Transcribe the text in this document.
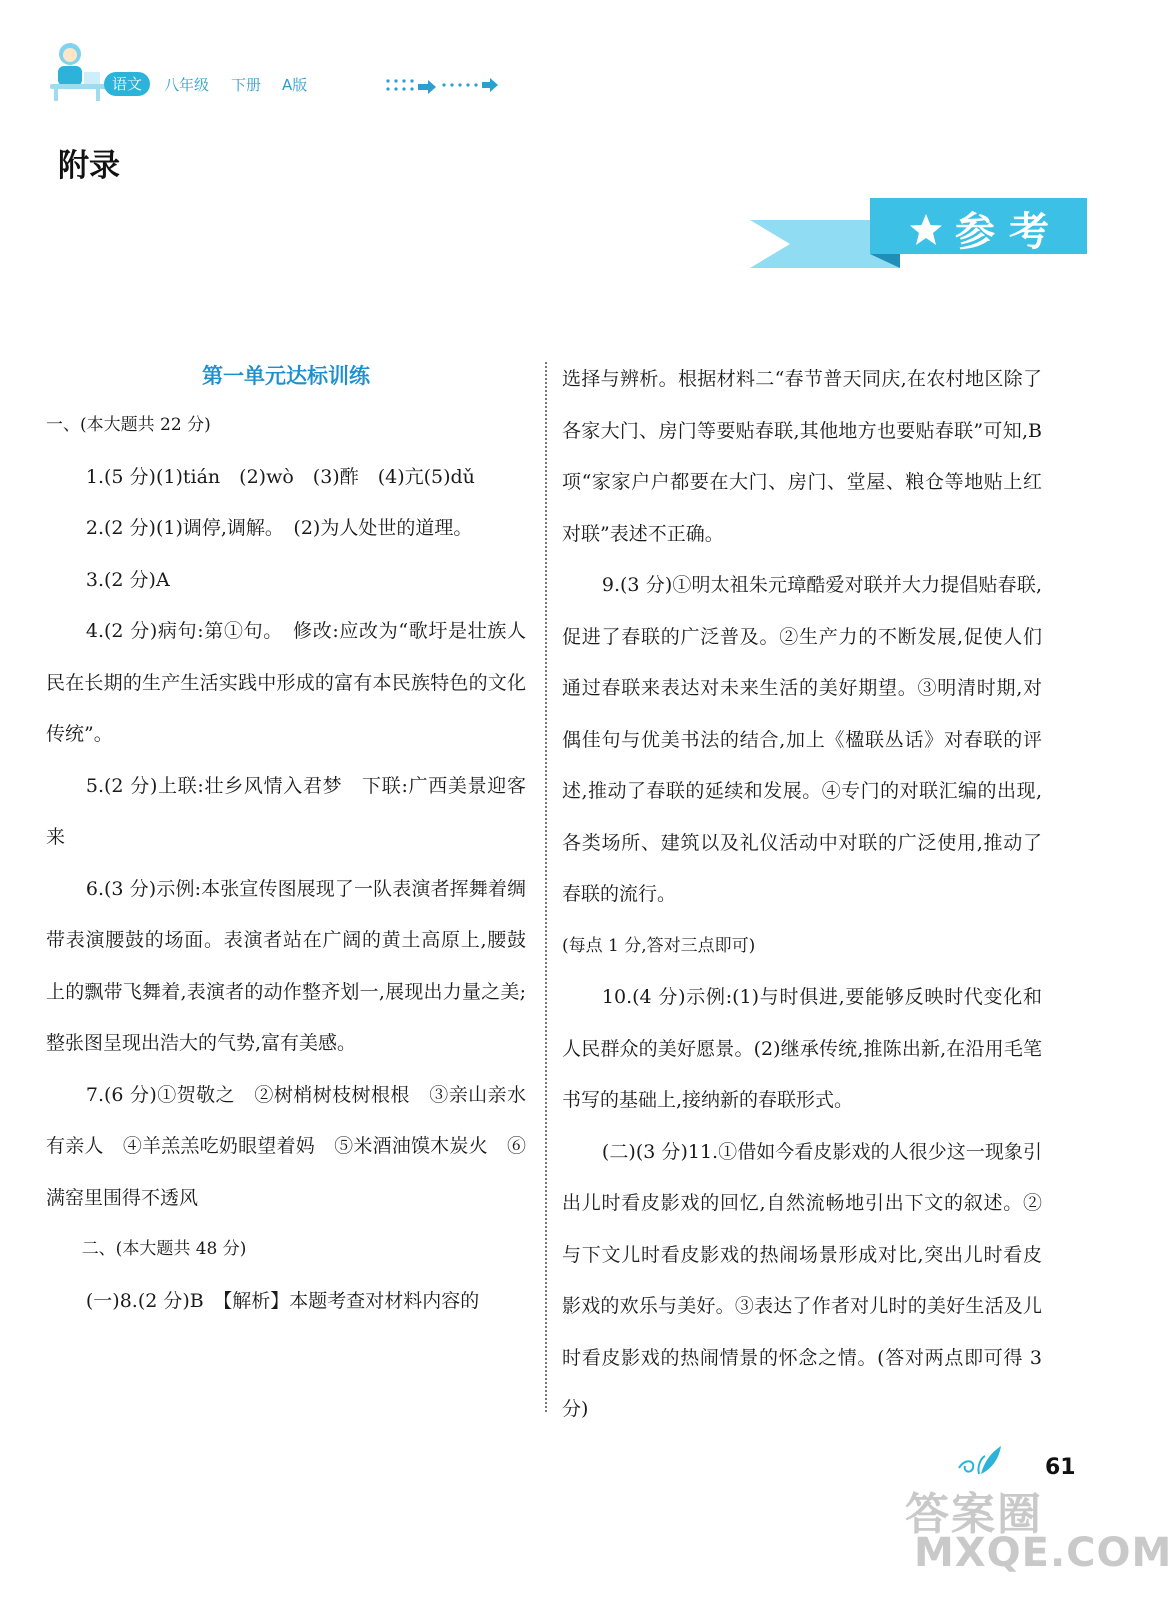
语文	八年级 下册 A版
附录
参考

第一单元达标训练

一、(本大题共 22 分)

1.(5 分)(1)tián　(2)wò　(3)酢　(4)亢(5)dǔ

2.(2 分)(1)调停,调解。　(2)为人处世的道理。

3.(2 分)A

4.(2 分)病句:第①句。　修改:应改为“歌圩是壮族人民在长期的生产生活实践中形成的富有本民族特色的文化传统”。

5.(2 分)上联:壮乡风情入君梦　下联:广西美景迎客来

6.(3 分)示例:本张宣传图展现了一队表演者挥舞着绸带表演腰鼓的场面。表演者站在广阔的黄土高原上,腰鼓上的飘带飞舞着,表演者的动作整齐划一,展现出力量之美;整张图呈现出浩大的气势,富有美感。

7.(6 分)①贺敬之　②树梢树枝树根根　③亲山亲水有亲人　④羊羔羔吃奶眼望着妈　⑤米酒油馍木炭火　⑥满窑里围得不透风

二、(本大题共 48 分)

(一)8.(2 分)B　【解析】本题考查对材料内容的

选择与辨析。根据材料二“春节普天同庆,在农村地区除了各家大门、房门等要贴春联,其他地方也要贴春联”可知,B项“家家户户都要在大门、房门、堂屋、粮仓等地贴上红对联”表述不正确。

9.(3 分)①明太祖朱元璋酷爱对联并大力提倡贴春联,促进了春联的广泛普及。②生产力的不断发展,促使人们通过春联来表达对未来生活的美好期望。③明清时期,对偶佳句与优美书法的结合,加上《楹联丛话》对春联的评述,推动了春联的延续和发展。④专门的对联汇编的出现,各类场所、建筑以及礼仪活动中对联的广泛使用,推动了春联的流行。

(每点 1 分,答对三点即可)

10.(4 分)示例:(1)与时俱进,要能够反映时代变化和人民群众的美好愿景。(2)继承传统,推陈出新,在沿用毛笔书写的基础上,接纳新的春联形式。

(二)(3 分)11.①借如今看皮影戏的人很少这一现象引出儿时看皮影戏的回忆,自然流畅地引出下文的叙述。②与下文儿时看皮影戏的热闹场景形成对比,突出儿时看皮影戏的欢乐与美好。③表达了作者对儿时的美好生活及儿时看皮影戏的热闹情景的怀念之情。(答对两点即可得 3 分)

61
答案圈
MXQE.COM
